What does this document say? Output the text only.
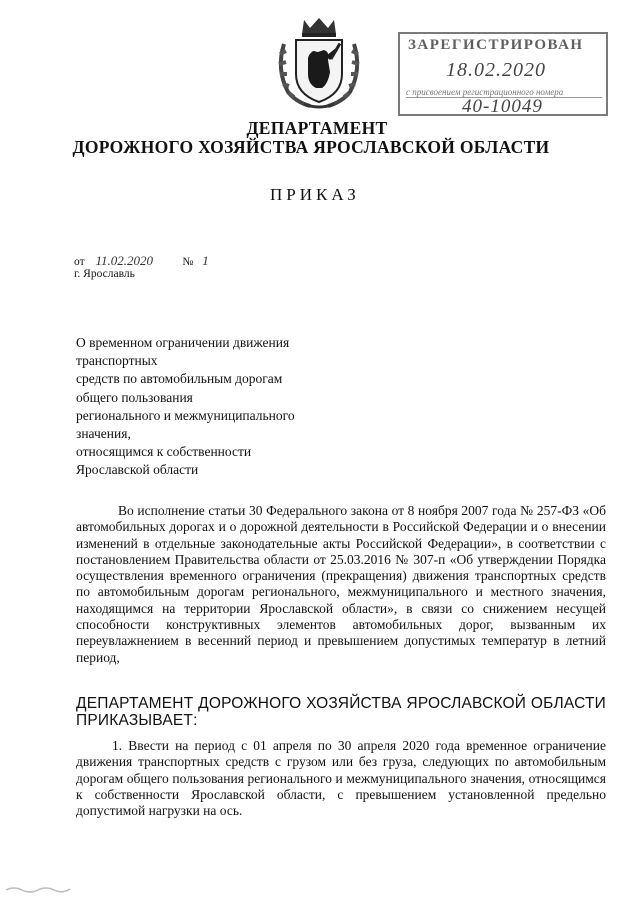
ЗАРЕГИСТРИРОВАН
18.02.2020
с присвоением регистрационного номера
40-10049
ДЕПАРТАМЕНТ
ДОРОЖНОГО ХОЗЯЙСТВА ЯРОСЛАВСКОЙ ОБЛАСТИ
ПРИКАЗ
от 11.02.2020	№ 1
г. Ярославль
О временном ограничении движения
транспортных
средств по автомобильным дорогам
общего пользования
регионального и межмуниципального
значения,
относящимся к собственности
Ярославской области
Во исполнение статьи 30 Федерального закона от 8 ноября 2007 года № 257-ФЗ «Об автомобильных дорогах и о дорожной деятельности в Российской Федерации и о внесении изменений в отдельные законодательные акты Российской Федерации», в соответствии с постановлением Правительства области от 25.03.2016 № 307-п «Об утверждении Порядка осуществления временного ограничения (прекращения) движения транспортных средств по автомобильным дорогам регионального, межмуниципального и местного значения, находящимся на территории Ярославской области», в связи со снижением несущей способности конструктивных элементов автомобильных дорог, вызванным их переувлажнением в весенний период и превышением допустимых температур в летний период,
ДЕПАРТАМЕНТ ДОРОЖНОГО ХОЗЯЙСТВА ЯРОСЛАВСКОЙ ОБЛАСТИ ПРИКАЗЫВАЕТ:
1. Ввести на период с 01 апреля по 30 апреля 2020 года временное ограничение движения транспортных средств с грузом или без груза, следующих по автомобильным дорогам общего пользования регионального и межмуниципального значения, относящимся к собственности Ярославской области, с превышением установленной предельно допустимой нагрузки на ось.
